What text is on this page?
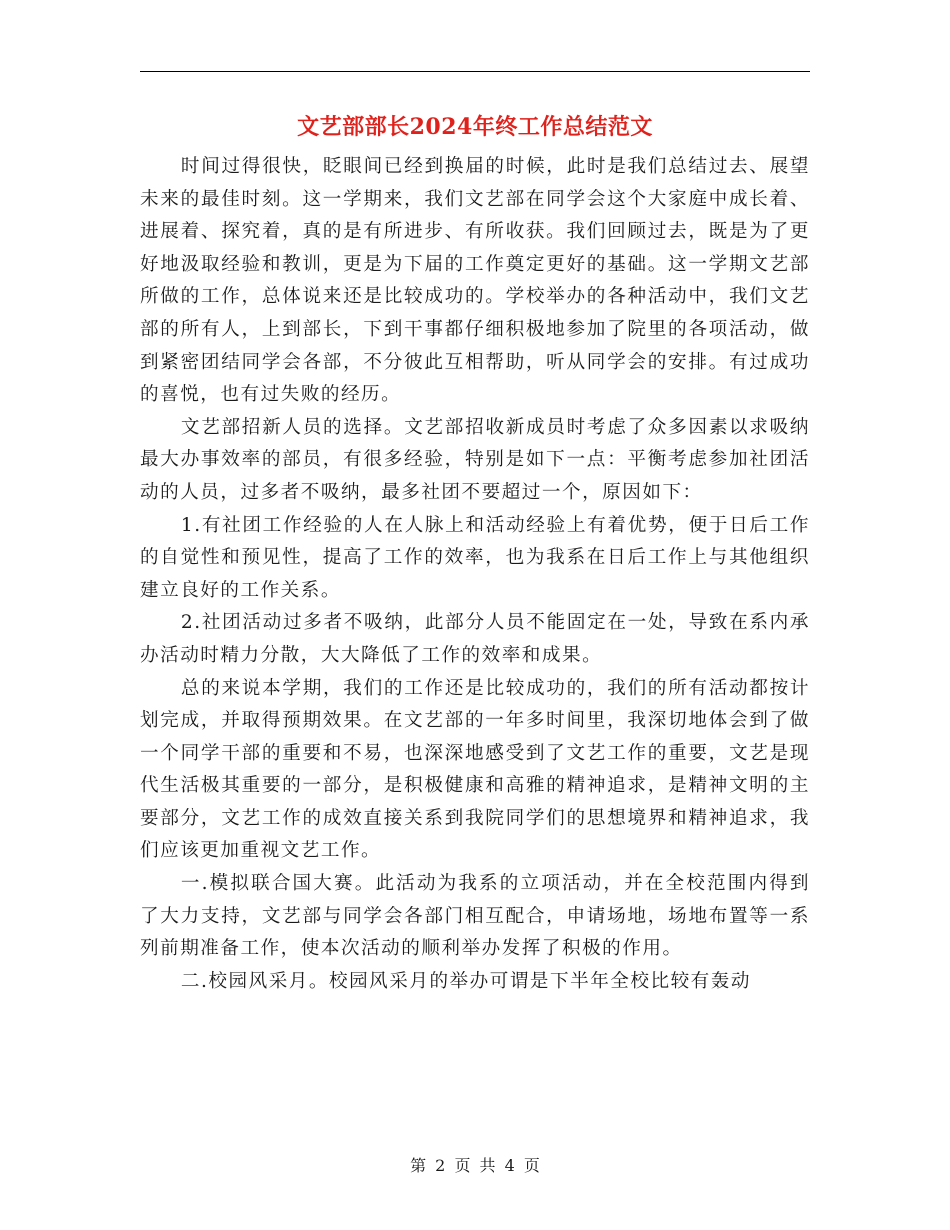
文艺部部长2024年终工作总结范文

时间过得很快，眨眼间已经到换届的时候，此时是我们总结过去、展望未来的最佳时刻。这一学期来，我们文艺部在同学会这个大家庭中成长着、进展着、探究着，真的是有所进步、有所收获。我们回顾过去，既是为了更好地汲取经验和教训，更是为下届的工作奠定更好的基础。这一学期文艺部所做的工作，总体说来还是比较成功的。学校举办的各种活动中，我们文艺部的所有人，上到部长，下到干事都仔细积极地参加了院里的各项活动，做到紧密团结同学会各部，不分彼此互相帮助，听从同学会的安排。有过成功的喜悦，也有过失败的经历。

文艺部招新人员的选择。文艺部招收新成员时考虑了众多因素以求吸纳最大办事效率的部员，有很多经验，特别是如下一点：平衡考虑参加社团活动的人员，过多者不吸纳，最多社团不要超过一个，原因如下：

1.有社团工作经验的人在人脉上和活动经验上有着优势，便于日后工作的自觉性和预见性，提高了工作的效率，也为我系在日后工作上与其他组织建立良好的工作关系。

2.社团活动过多者不吸纳，此部分人员不能固定在一处，导致在系内承办活动时精力分散，大大降低了工作的效率和成果。

总的来说本学期，我们的工作还是比较成功的，我们的所有活动都按计划完成，并取得预期效果。在文艺部的一年多时间里，我深切地体会到了做一个同学干部的重要和不易，也深深地感受到了文艺工作的重要，文艺是现代生活极其重要的一部分，是积极健康和高雅的精神追求，是精神文明的主要部分，文艺工作的成效直接关系到我院同学们的思想境界和精神追求，我们应该更加重视文艺工作。

一.模拟联合国大赛。此活动为我系的立项活动，并在全校范围内得到了大力支持，文艺部与同学会各部门相互配合，申请场地，场地布置等一系列前期准备工作，使本次活动的顺利举办发挥了积极的作用。

二.校园风采月。校园风采月的举办可谓是下半年全校比较有轰动

第 2 页 共 4 页
